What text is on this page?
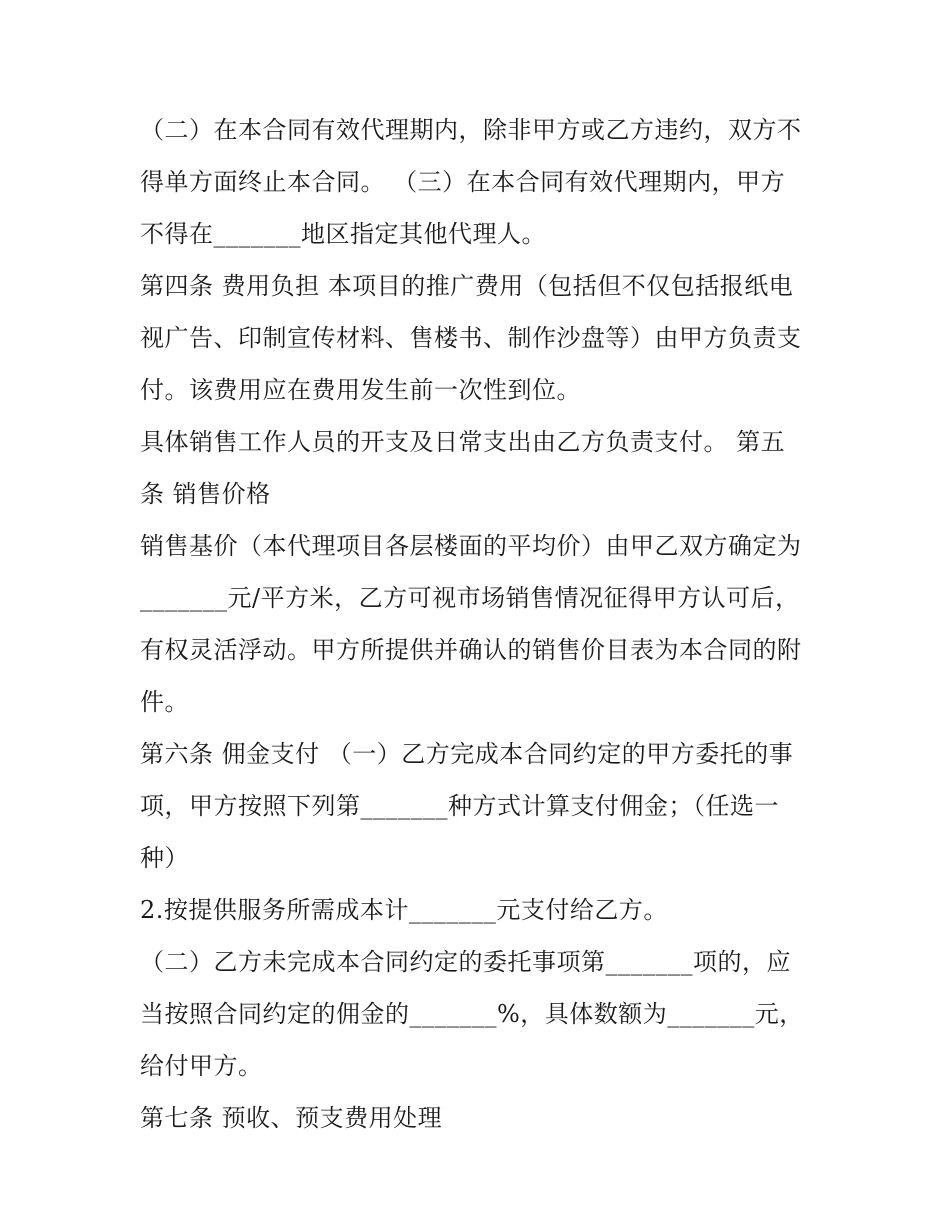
（二）在本合同有效代理期内，除非甲方或乙方违约，双方不
得单方面终止本合同。 （三）在本合同有效代理期内，甲方
不得在_______地区指定其他代理人。
第四条 费用负担 本项目的推广费用（包括但不仅包括报纸电
视广告、印制宣传材料、售楼书、制作沙盘等）由甲方负责支
付。该费用应在费用发生前一次性到位。
具体销售工作人员的开支及日常支出由乙方负责支付。 第五
条 销售价格
销售基价（本代理项目各层楼面的平均价）由甲乙双方确定为
_______元/平方米，乙方可视市场销售情况征得甲方认可后，
有权灵活浮动。甲方所提供并确认的销售价目表为本合同的附
件。
第六条 佣金支付 （一）乙方完成本合同约定的甲方委托的事
项，甲方按照下列第_______种方式计算支付佣金；（任选一
种）
2.按提供服务所需成本计_______元支付给乙方。
（二）乙方未完成本合同约定的委托事项第_______项的，应
当按照合同约定的佣金的_______%，具体数额为_______元，
给付甲方。
第七条 预收、预支费用处理
